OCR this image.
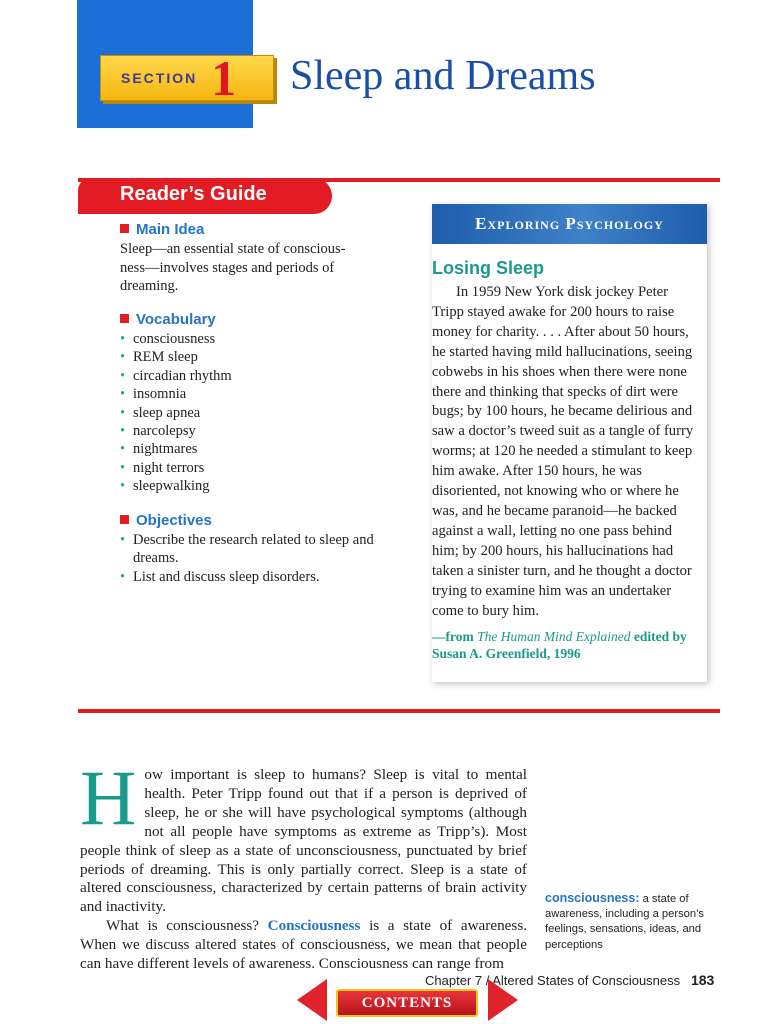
SECTION 1 Sleep and Dreams
Reader’s Guide
Main Idea
Sleep—an essential state of conscious-
ness—involves stages and periods of
dreaming.
Vocabulary
• consciousness
• REM sleep
• circadian rhythm
• insomnia
• sleep apnea
• narcolepsy
• nightmares
• night terrors
• sleepwalking
Objectives
• Describe the research related to sleep and dreams.
• List and discuss sleep disorders.
Exploring Psychology
Losing Sleep

In 1959 New York disk jockey Peter Tripp stayed awake for 200 hours to raise money for charity. . . . After about 50 hours, he started having mild hallucinations, seeing cobwebs in his shoes when there were none there and thinking that specks of dirt were bugs; by 100 hours, he became delirious and saw a doctor’s tweed suit as a tangle of furry worms; at 120 he needed a stimulant to keep him awake. After 150 hours, he was disoriented, not knowing who or where he was, and he became paranoid—he backed against a wall, letting no one pass behind him; by 200 hours, his hallucinations had taken a sinister turn, and he thought a doctor trying to examine him was an undertaker come to bury him.

—from The Human Mind Explained edited by
Susan A. Greenfield, 1996

How important is sleep to humans? Sleep is vital to mental health. Peter Tripp found out that if a person is deprived of sleep, he or she will have psychological symptoms (although not all people have symptoms as extreme as Tripp’s). Most people think of sleep as a state of unconsciousness, punctuated by brief periods of dreaming. This is only partially correct. Sleep is a state of altered consciousness, characterized by certain patterns of brain activity and inactivity.

What is consciousness? Consciousness is a state of awareness. When we discuss altered states of consciousness, we mean that people can have different levels of awareness. Consciousness can range from

consciousness: a state of awareness, including a person’s feelings, sensations, ideas, and perceptions
Chapter 7 / Altered States of Consciousness 183
CONTENTS
